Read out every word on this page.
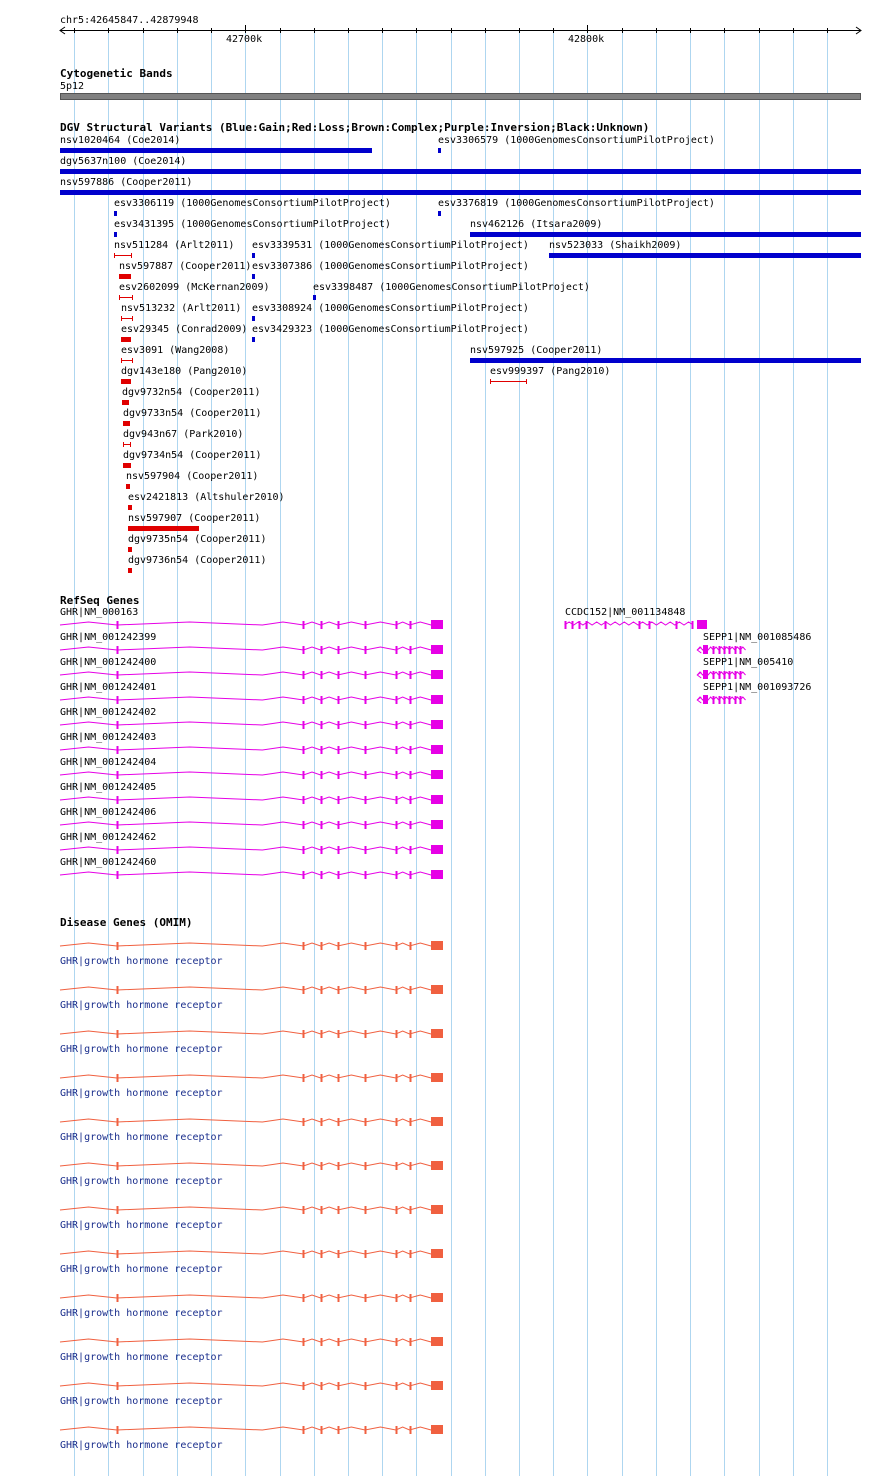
chr5:42645847..42879948
42700k	42800k
Cytogenetic Bands
5p12
DGV Structural Variants (Blue:Gain;Red:Loss;Brown:Complex;Purple:Inversion;Black:Unknown)
nsv1020464 (Coe2014)	esv3306579 (1000GenomesConsortiumPilotProject)
dgv5637n100 (Coe2014)
nsv597886 (Cooper2011)
esv3306119 (1000GenomesConsortiumPilotProject)	esv3376819 (1000GenomesConsortiumPilotProject)
esv3431395 (1000GenomesConsortiumPilotProject)	nsv462126 (Itsara2009)
nsv511284 (Arlt2011) esv3339531 (1000GenomesConsortiumPilotProject) nsv523033 (Shaikh2009)
nsv597887 (Cooper2011) esv3307386 (1000GenomesConsortiumPilotProject)
esv2602099 (McKernan2009)	esv3398487 (1000GenomesConsortiumPilotProject)
nsv513232 (Arlt2011) esv3308924 (1000GenomesConsortiumPilotProject)
esv29345 (Conrad2009) esv3429323 (1000GenomesConsortiumPilotProject)
esv3091 (Wang2008)	nsv597925 (Cooper2011)
dgv143e180 (Pang2010)	esv999397 (Pang2010)
dgv9732n54 (Cooper2011)
dgv9733n54 (Cooper2011)
dgv943n67 (Park2010)
dgv9734n54 (Cooper2011)
nsv597904 (Cooper2011)
esv2421813 (Altshuler2010)
nsv597907 (Cooper2011)
dgv9735n54 (Cooper2011)
dgv9736n54 (Cooper2011)
RefSeq Genes
GHR|NM_000163
GHR|NM_001242399
GHR|NM_001242400
GHR|NM_001242401
GHR|NM_001242402
GHR|NM_001242403
GHR|NM_001242404
GHR|NM_001242405
GHR|NM_001242406
GHR|NM_001242462
GHR|NM_001242460
CCDC152|NM_001134848
SEPP1|NM_001085486
SEPP1|NM_005410
SEPP1|NM_001093726
Disease Genes (OMIM)
GHR|growth hormone receptor
GHR|growth hormone receptor
GHR|growth hormone receptor
GHR|growth hormone receptor
GHR|growth hormone receptor
GHR|growth hormone receptor
GHR|growth hormone receptor
GHR|growth hormone receptor
GHR|growth hormone receptor
GHR|growth hormone receptor
GHR|growth hormone receptor
GHR|growth hormone receptor
